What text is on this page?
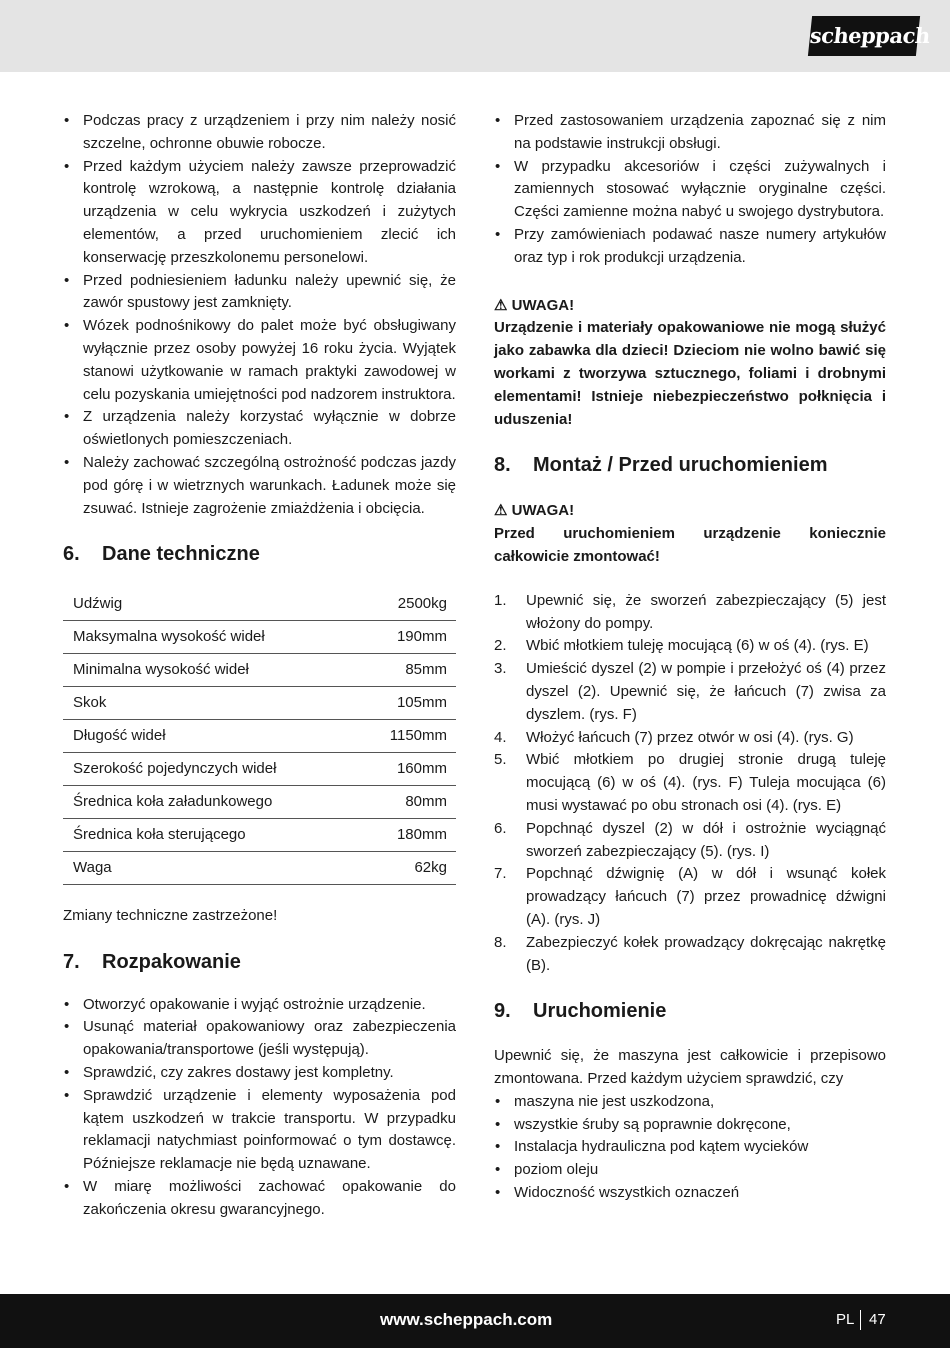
scheppach
• Podczas pracy z urządzeniem i przy nim należy nosić szczelne, ochronne obuwie robocze.
• Przed każdym użyciem należy zawsze przeprowadzić kontrolę wzrokową, a następnie kontrolę działania urządzenia w celu wykrycia uszkodzeń i zużytych elementów, a przed uruchomieniem zlecić ich konserwację przeszkolonemu personelowi.
• Przed podniesieniem ładunku należy upewnić się, że zawór spustowy jest zamknięty.
• Wózek podnośnikowy do palet może być obsługiwany wyłącznie przez osoby powyżej 16 roku życia. Wyjątek stanowi użytkowanie w ramach praktyki zawodowej w celu pozyskania umiejętności pod nadzorem instruktora.
• Z urządzenia należy korzystać wyłącznie w dobrze oświetlonych pomieszczeniach.
• Należy zachować szczególną ostrożność podczas jazdy pod górę i w wietrznych warunkach. Ładunek może się zsuwać. Istnieje zagrożenie zmiażdżenia i obcięcia.
6. Dane techniczne
Udźwig	2500kg
Maksymalna wysokość wideł	190mm
Minimalna wysokość wideł	85mm
Skok	105mm
Długość wideł	1150mm
Szerokość pojedynczych wideł	160mm
Średnica koła załadunkowego	80mm
Średnica koła sterującego	180mm
Waga	62kg

Zmiany techniczne zastrzeżone!

7. Rozpakowanie
• Otworzyć opakowanie i wyjąć ostrożnie urządzenie.
• Usunąć materiał opakowaniowy oraz zabezpieczenia opakowania/transportowe (jeśli występują).
• Sprawdzić, czy zakres dostawy jest kompletny.
• Sprawdzić urządzenie i elementy wyposażenia pod kątem uszkodzeń w trakcie transportu. W przypadku reklamacji natychmiast poinformować o tym dostawcę. Późniejsze reklamacje nie będą uznawane.
• W miarę możliwości zachować opakowanie do zakończenia okresu gwarancyjnego.
• Przed zastosowaniem urządzenia zapoznać się z nim na podstawie instrukcji obsługi.
• W przypadku akcesoriów i części zużywalnych i zamiennych stosować wyłącznie oryginalne części. Części zamienne można nabyć u swojego dystrybutora.
• Przy zamówieniach podawać nasze numery artykułów oraz typ i rok produkcji urządzenia.
⚠ UWAGA!

Urządzenie i materiały opakowaniowe nie mogą służyć jako zabawka dla dzieci! Dzieciom nie wolno bawić się workami z tworzywa sztucznego, foliami i drobnymi elementami! Istnieje niebezpieczeństwo połknięcia i uduszenia!

8. Montaż / Przed uruchomieniem
⚠ UWAGA!

Przed uruchomieniem urządzenie koniecznie całkowicie zmontować!

1. Upewnić się, że sworzeń zabezpieczający (5) jest włożony do pompy.
2. Wbić młotkiem tuleję mocującą (6) w oś (4). (rys. E)
3. Umieścić dyszel (2) w pompie i przełożyć oś (4) przez dyszel (2). Upewnić się, że łańcuch (7) zwisa za dyszlem. (rys. F)
4. Włożyć łańcuch (7) przez otwór w osi (4). (rys. G)
5. Wbić młotkiem po drugiej stronie drugą tuleję mocującą (6) w oś (4). (rys. F) Tuleja mocująca (6) musi wystawać po obu stronach osi (4). (rys. E)
6. Popchnąć dyszel (2) w dół i ostrożnie wyciągnąć sworzeń zabezpieczający (5). (rys. I)
7. Popchnąć dźwignię (A) w dół i wsunąć kołek prowadzący łańcuch (7) przez prowadnicę dźwigni (A). (rys. J)
8. Zabezpieczyć kołek prowadzący dokręcając nakrętkę (B).
9. Uruchomienie

Upewnić się, że maszyna jest całkowicie i przepisowo zmontowana. Przed każdym użyciem sprawdzić, czy

• maszyna nie jest uszkodzona,
• wszystkie śruby są poprawnie dokręcone,
• Instalacja hydrauliczna pod kątem wycieków
• poziom oleju
• Widoczność wszystkich oznaczeń
www.scheppach.com	PL 47
